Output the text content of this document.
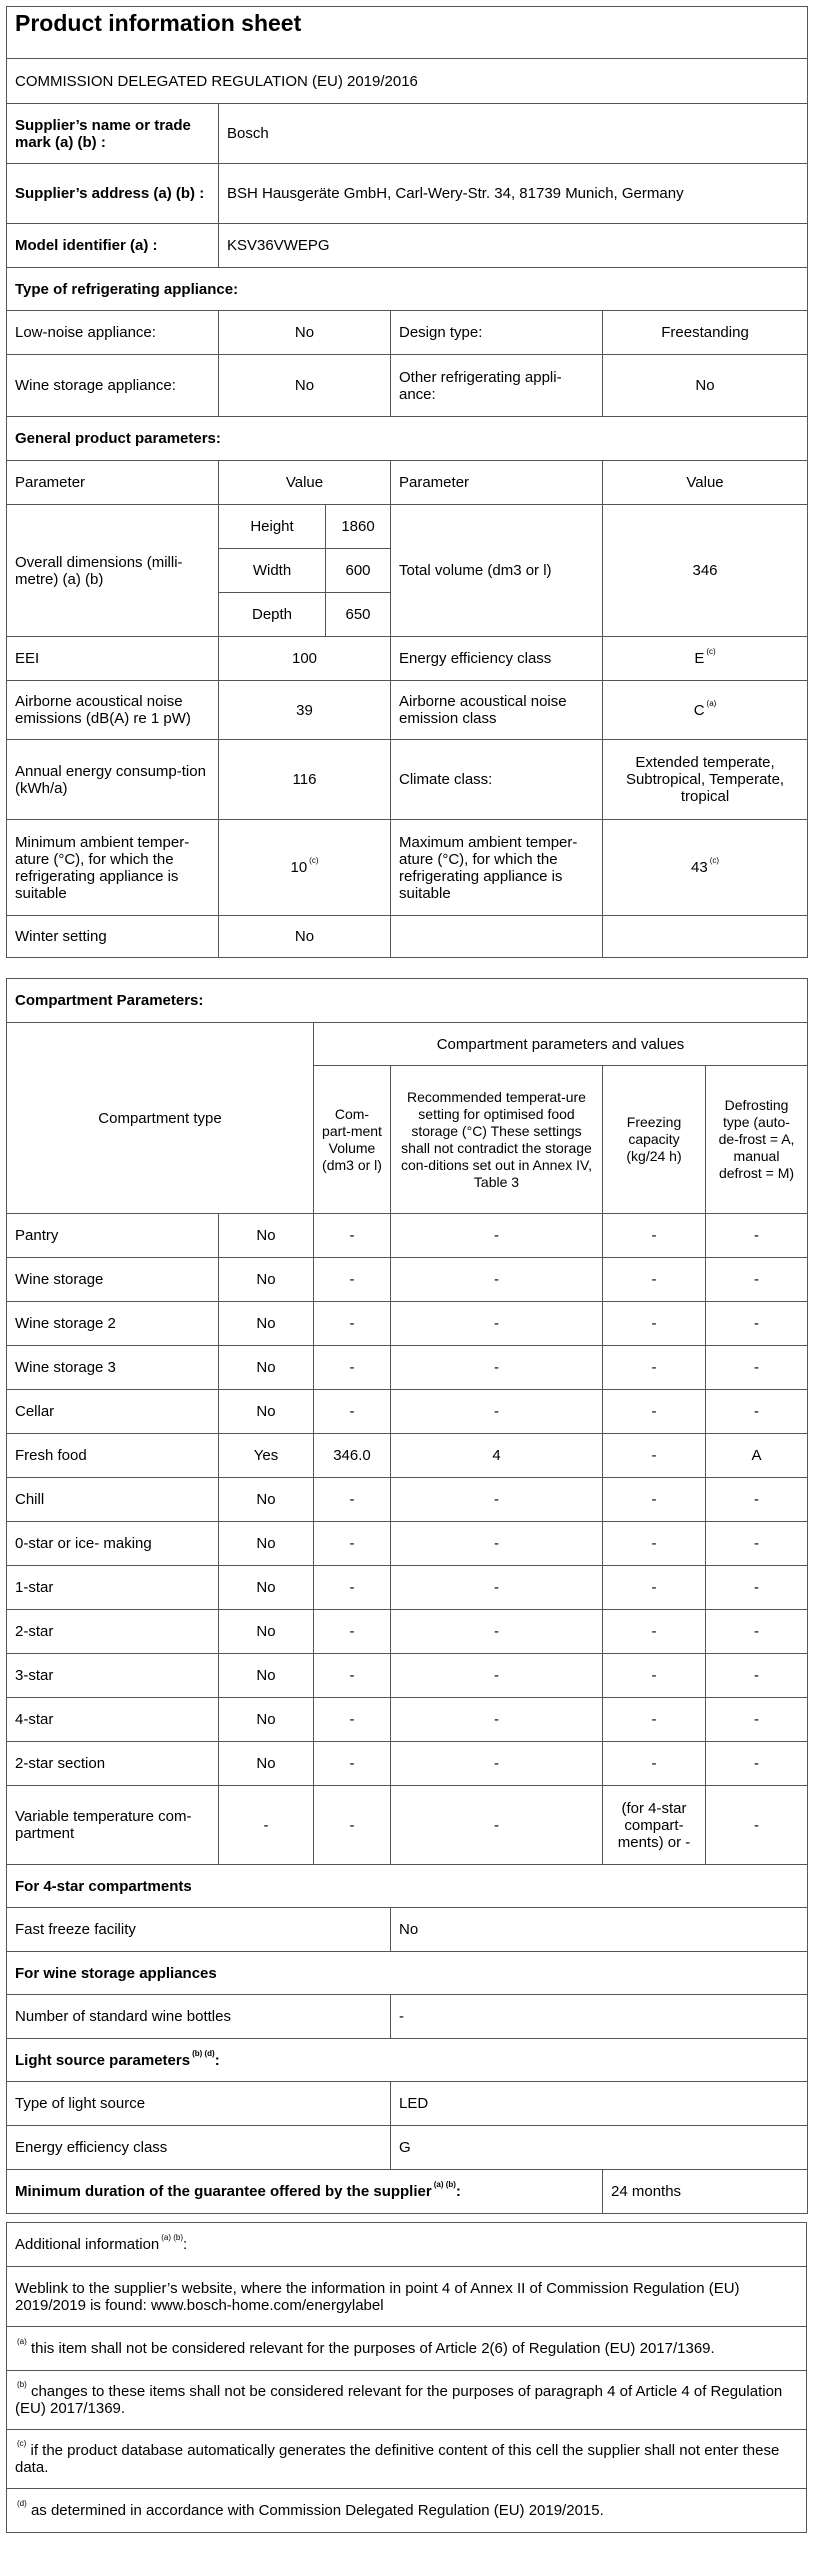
Product information sheet				
COMMISSION DELEGATED REGULATION (EU) 2019/2016				
Supplier’s name or trade mark (a) (b) :	Bosch			
Supplier’s address (a) (b) :	BSH Hausgeräte GmbH, Carl-Wery-Str. 34, 81739 Munich, Germany			
Model identifier (a) :	KSV36VWEPG			
Type of refrigerating appliance:				
Low-noise appliance:	No		Design type:	Freestanding
Wine storage appliance:	No		Other refrigerating appli-ance:	No
General product parameters:				
Parameter	Value		Parameter	Value
Overall dimensions (milli-metre) (a) (b)	Height	1860	Total volume (dm3 or l)	346
	Width	600		
	Depth	650		
EEI	100		Energy efficiency class	E $^{(c)}$
Airborne acoustical noise emissions (dB(A) re 1 pW)	39		Airborne acoustical noise emission class	C $^{(a)}$
Annual energy consump-tion (kWh/a)	116		Climate class:	Extended temperate, Subtropical, Temperate, tropical
Minimum ambient temper-ature (°C), for which the refrigerating appliance is suitable	10 $^{(c)}$		Maximum ambient temper-ature (°C), for which the refrigerating appliance is suitable	43 $^{(c)}$
Winter setting	No			
Compartment Parameters:					
Compartment type		Compartment parameters and values			
		Com-part-ment Volume (dm3 or l)	Recommended temperat-ure setting for optimised food storage (°C) These settings shall not contradict the storage con-ditions set out in Annex IV, Table 3	Freezing capacity (kg/24 h)	Defrosting type (auto-de-frost = A, manual defrost = M)
Pantry	No	-	-	-	-
Wine storage	No	-	-	-	-
Wine storage 2	No	-	-	-	-
Wine storage 3	No	-	-	-	-
Cellar	No	-	-	-	-
Fresh food	Yes	346.0	4	-	A
Chill	No	-	-	-	-
0-star or ice- making	No	-	-	-	-
1-star	No	-	-	-	-
2-star	No	-	-	-	-
3-star	No	-	-	-	-
4-star	No	-	-	-	-
2-star section	No	-	-	-	-
Variable temperature com-partment	-	-	-	(for 4-star compart-ments) or -	-
For 4-star compartments					
Fast freeze facility			No		
For wine storage appliances					
Number of standard wine bottles			-		
Light source parameters $^{(b) (d)}$:					
Type of light source			LED		
Energy efficiency class			G		
Minimum duration of the guarantee offered by the supplier $^{(a) (b)}$:				24 months	
Additional information $^{(a) (b)}$:
Weblink to the supplier’s website, where the information in point 4 of Annex II of Commission Regulation (EU) 2019/2019 is found: www.bosch-home.com/energylabel
$^{(a)}$ this item shall not be considered relevant for the purposes of Article 2(6) of Regulation (EU) 2017/1369.
$^{(b)}$ changes to these items shall not be considered relevant for the purposes of paragraph 4 of Article 4 of Regulation (EU) 2017/1369.
$^{(c)}$ if the product database automatically generates the definitive content of this cell the supplier shall not enter these data.
$^{(d)}$ as determined in accordance with Commission Delegated Regulation (EU) 2019/2015.
